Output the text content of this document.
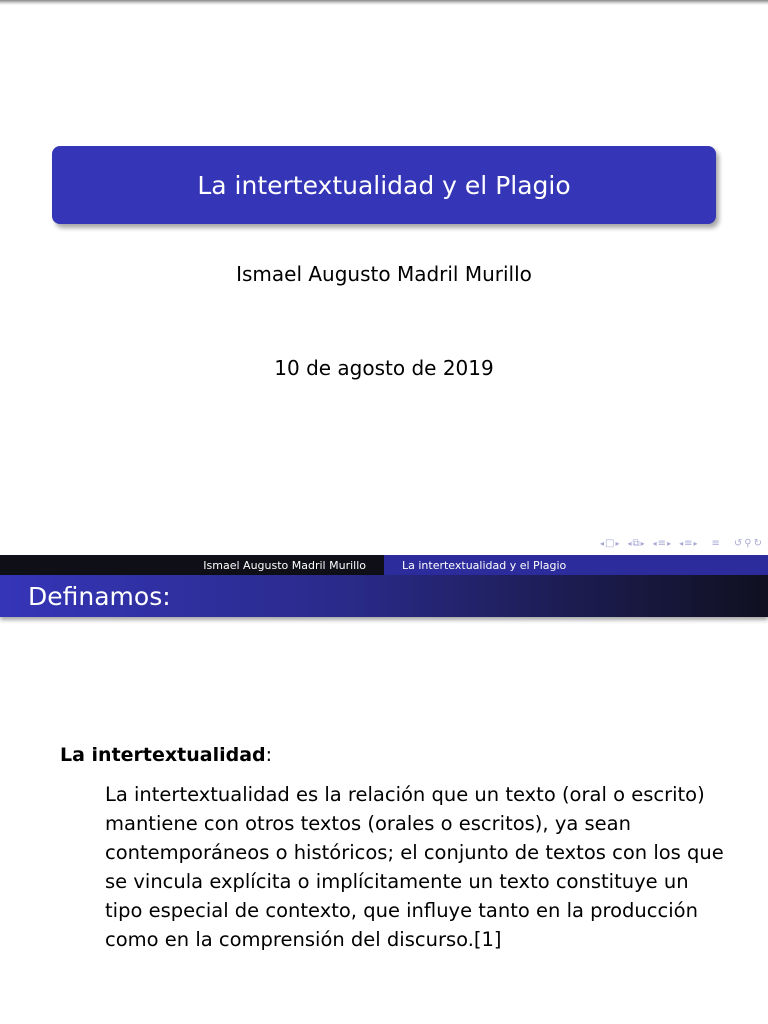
La intertextualidad y el Plagio
Ismael Augusto Madril Murillo
10 de agosto de 2019
◂ □ ▸ ◂ ⧉ ▸ ◂ ≡ ▸ ◂ ≡ ▸ ≡ ↺ ⚲ ↻
Ismael Augusto Madril Murillo	La intertextualidad y el Plagio
Definamos:
La intertextualidad:
La intertextualidad es la relación que un texto (oral o escrito) mantiene con otros textos (orales o escritos), ya sean contemporáneos o históricos; el conjunto de textos con los que se vincula explícita o implícitamente un texto constituye un tipo especial de contexto, que influye tanto en la producción como en la comprensión del discurso.[1]
